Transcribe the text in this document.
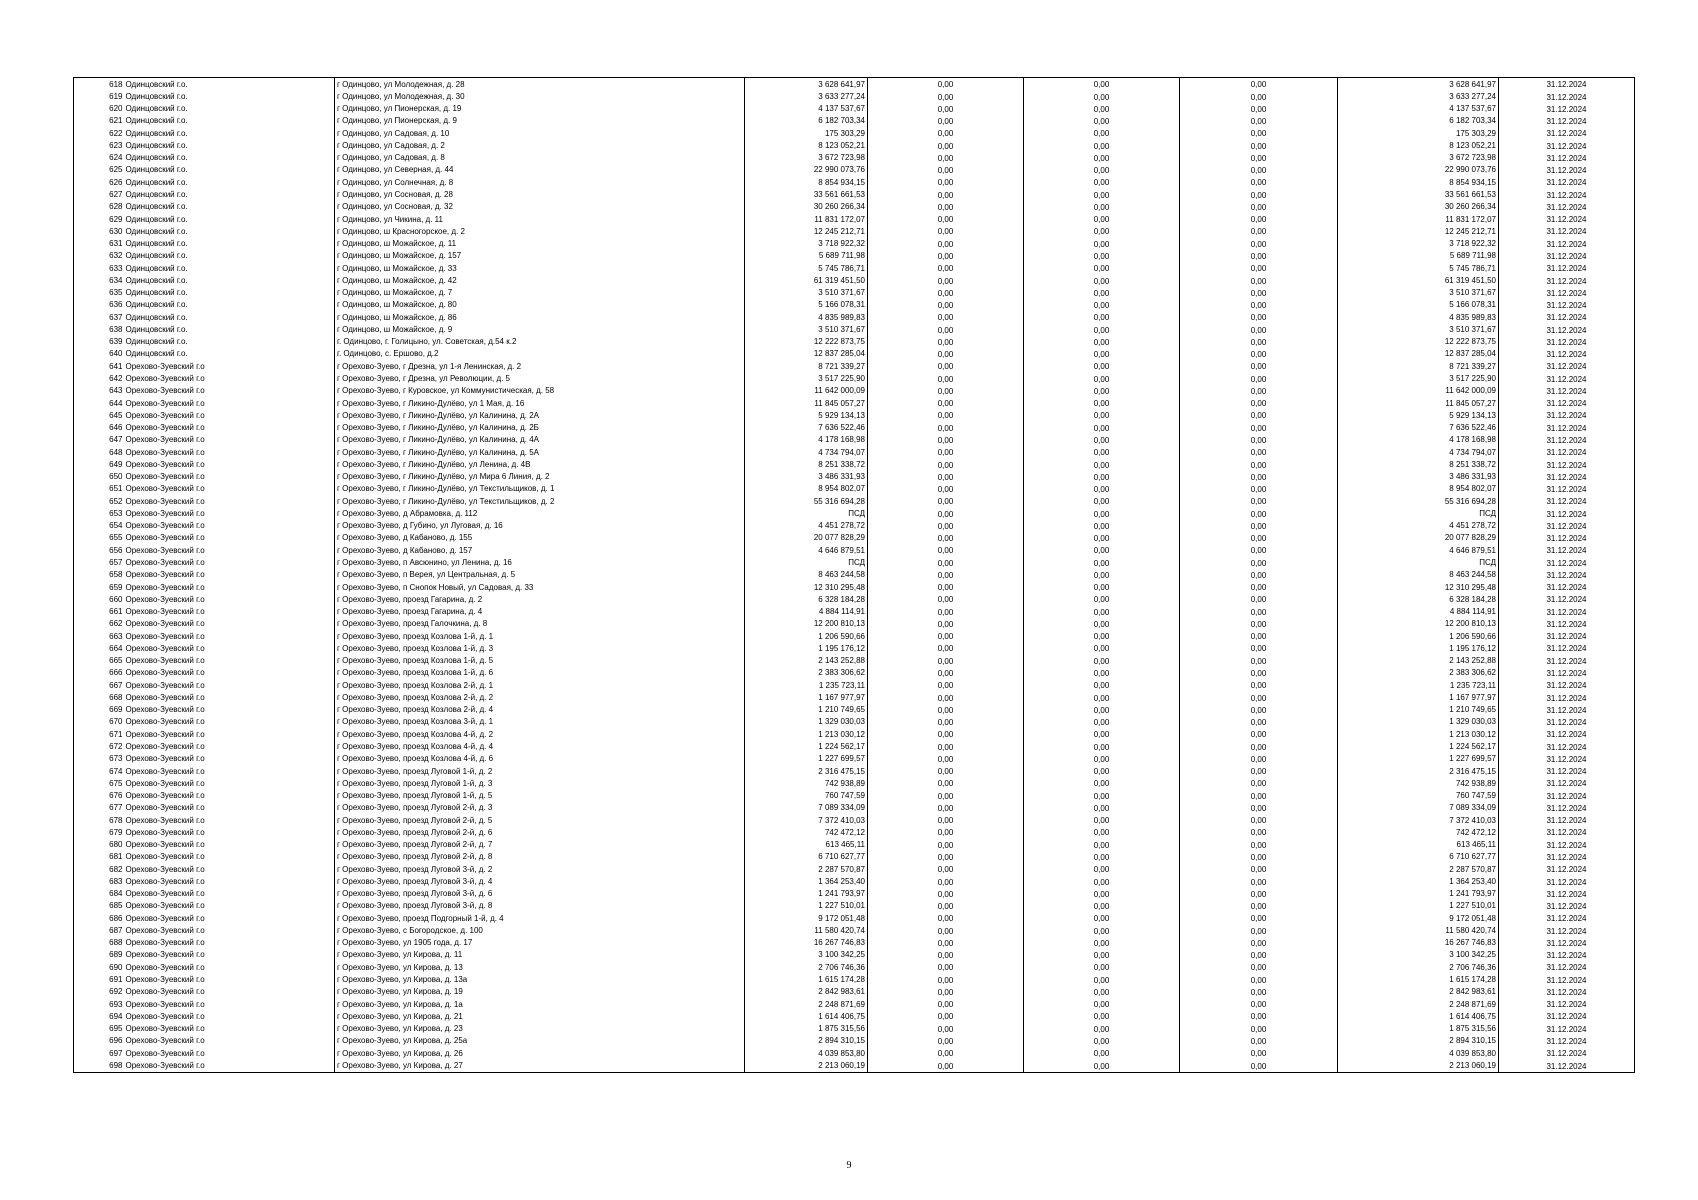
618	Одинцовский г.о.	г Одинцово, ул Молодежная, д. 28	3 628 641,97	0,00	0,00	0,00	3 628 641,97	31.12.2024
619	Одинцовский г.о.	г Одинцово, ул Молодежная, д. 30	3 633 277,24	0,00	0,00	0,00	3 633 277,24	31.12.2024
620	Одинцовский г.о.	г Одинцово, ул Пионерская, д. 19	4 137 537,67	0,00	0,00	0,00	4 137 537,67	31.12.2024
621	Одинцовский г.о.	г Одинцово, ул Пионерская, д. 9	6 182 703,34	0,00	0,00	0,00	6 182 703,34	31.12.2024
622	Одинцовский г.о.	г Одинцово, ул Садовая, д. 10	175 303,29	0,00	0,00	0,00	175 303,29	31.12.2024
623	Одинцовский г.о.	г Одинцово, ул Садовая, д. 2	8 123 052,21	0,00	0,00	0,00	8 123 052,21	31.12.2024
624	Одинцовский г.о.	г Одинцово, ул Садовая, д. 8	3 672 723,98	0,00	0,00	0,00	3 672 723,98	31.12.2024
625	Одинцовский г.о.	г Одинцово, ул Северная, д. 44	22 990 073,76	0,00	0,00	0,00	22 990 073,76	31.12.2024
626	Одинцовский г.о.	г Одинцово, ул Солнечная, д. 8	8 854 934,15	0,00	0,00	0,00	8 854 934,15	31.12.2024
627	Одинцовский г.о.	г Одинцово, ул Сосновая, д. 28	33 561 661,53	0,00	0,00	0,00	33 561 661,53	31.12.2024
628	Одинцовский г.о.	г Одинцово, ул Сосновая, д. 32	30 260 266,34	0,00	0,00	0,00	30 260 266,34	31.12.2024
629	Одинцовский г.о.	г Одинцово, ул Чикина, д. 11	11 831 172,07	0,00	0,00	0,00	11 831 172,07	31.12.2024
630	Одинцовский г.о.	г Одинцово, ш Красногорское, д. 2	12 245 212,71	0,00	0,00	0,00	12 245 212,71	31.12.2024
631	Одинцовский г.о.	г Одинцово, ш Можайское, д. 11	3 718 922,32	0,00	0,00	0,00	3 718 922,32	31.12.2024
632	Одинцовский г.о.	г Одинцово, ш Можайское, д. 157	5 689 711,98	0,00	0,00	0,00	5 689 711,98	31.12.2024
633	Одинцовский г.о.	г Одинцово, ш Можайское, д. 33	5 745 786,71	0,00	0,00	0,00	5 745 786,71	31.12.2024
634	Одинцовский г.о.	г Одинцово, ш Можайское, д. 42	61 319 451,50	0,00	0,00	0,00	61 319 451,50	31.12.2024
635	Одинцовский г.о.	г Одинцово, ш Можайское, д. 7	3 510 371,67	0,00	0,00	0,00	3 510 371,67	31.12.2024
636	Одинцовский г.о.	г Одинцово, ш Можайское, д. 80	5 166 078,31	0,00	0,00	0,00	5 166 078,31	31.12.2024
637	Одинцовский г.о.	г Одинцово, ш Можайское, д. 86	4 835 989,83	0,00	0,00	0,00	4 835 989,83	31.12.2024
638	Одинцовский г.о.	г Одинцово, ш Можайское, д. 9	3 510 371,67	0,00	0,00	0,00	3 510 371,67	31.12.2024
639	Одинцовский г.о.	г. Одинцово, г. Голицыно, ул. Советская, д.54 к.2	12 222 873,75	0,00	0,00	0,00	12 222 873,75	31.12.2024
640	Одинцовский г.о.	г. Одинцово, с. Ершово, д.2	12 837 285,04	0,00	0,00	0,00	12 837 285,04	31.12.2024
641	Орехово-Зуевский г.о	г Орехово-Зуево, г Дрезна, ул 1-я Ленинская, д. 2	8 721 339,27	0,00	0,00	0,00	8 721 339,27	31.12.2024
642	Орехово-Зуевский г.о	г Орехово-Зуево, г Дрезна, ул Революции, д. 5	3 517 225,90	0,00	0,00	0,00	3 517 225,90	31.12.2024
643	Орехово-Зуевский г.о	г Орехово-Зуево, г Куровское, ул Коммунистическая, д. 58	11 642 000,09	0,00	0,00	0,00	11 642 000,09	31.12.2024
644	Орехово-Зуевский г.о	г Орехово-Зуево, г Ликино-Дулёво, ул 1 Мая, д. 16	11 845 057,27	0,00	0,00	0,00	11 845 057,27	31.12.2024
645	Орехово-Зуевский г.о	г Орехово-Зуево, г Ликино-Дулёво, ул Калинина, д. 2А	5 929 134,13	0,00	0,00	0,00	5 929 134,13	31.12.2024
646	Орехово-Зуевский г.о	г Орехово-Зуево, г Ликино-Дулёво, ул Калинина, д. 2Б	7 636 522,46	0,00	0,00	0,00	7 636 522,46	31.12.2024
647	Орехово-Зуевский г.о	г Орехово-Зуево, г Ликино-Дулёво, ул Калинина, д. 4А	4 178 168,98	0,00	0,00	0,00	4 178 168,98	31.12.2024
648	Орехово-Зуевский г.о	г Орехово-Зуево, г Ликино-Дулёво, ул Калинина, д. 5А	4 734 794,07	0,00	0,00	0,00	4 734 794,07	31.12.2024
649	Орехово-Зуевский г.о	г Орехово-Зуево, г Ликино-Дулёво, ул Ленина, д. 4В	8 251 338,72	0,00	0,00	0,00	8 251 338,72	31.12.2024
650	Орехово-Зуевский г.о	г Орехово-Зуево, г Ликино-Дулёво, ул Мира 6 Линия, д. 2	3 486 331,93	0,00	0,00	0,00	3 486 331,93	31.12.2024
651	Орехово-Зуевский г.о	г Орехово-Зуево, г Ликино-Дулёво, ул Текстильщиков, д. 1	8 954 802,07	0,00	0,00	0,00	8 954 802,07	31.12.2024
652	Орехово-Зуевский г.о	г Орехово-Зуево, г Ликино-Дулёво, ул Текстильщиков, д. 2	55 316 694,28	0,00	0,00	0,00	55 316 694,28	31.12.2024
653	Орехово-Зуевский г.о	г Орехово-Зуево, д Абрамовка, д. 112	ПСД	0,00	0,00	0,00	ПСД	31.12.2024
654	Орехово-Зуевский г.о	г Орехово-Зуево, д Губино, ул Луговая, д. 16	4 451 278,72	0,00	0,00	0,00	4 451 278,72	31.12.2024
655	Орехово-Зуевский г.о	г Орехово-Зуево, д Кабаново, д. 155	20 077 828,29	0,00	0,00	0,00	20 077 828,29	31.12.2024
656	Орехово-Зуевский г.о	г Орехово-Зуево, д Кабаново, д. 157	4 646 879,51	0,00	0,00	0,00	4 646 879,51	31.12.2024
657	Орехово-Зуевский г.о	г Орехово-Зуево, п Авсюнино, ул Ленина, д. 16	ПСД	0,00	0,00	0,00	ПСД	31.12.2024
658	Орехово-Зуевский г.о	г Орехово-Зуево, п Верея, ул Центральная, д. 5	8 463 244,58	0,00	0,00	0,00	8 463 244,58	31.12.2024
659	Орехово-Зуевский г.о	г Орехово-Зуево, п Снопок Новый, ул Садовая, д. 33	12 310 295,48	0,00	0,00	0,00	12 310 295,48	31.12.2024
660	Орехово-Зуевский г.о	г Орехово-Зуево, проезд Гагарина, д. 2	6 328 184,28	0,00	0,00	0,00	6 328 184,28	31.12.2024
661	Орехово-Зуевский г.о	г Орехово-Зуево, проезд Гагарина, д. 4	4 884 114,91	0,00	0,00	0,00	4 884 114,91	31.12.2024
662	Орехово-Зуевский г.о	г Орехово-Зуево, проезд Галочкина, д. 8	12 200 810,13	0,00	0,00	0,00	12 200 810,13	31.12.2024
663	Орехово-Зуевский г.о	г Орехово-Зуево, проезд Козлова 1-й, д. 1	1 206 590,66	0,00	0,00	0,00	1 206 590,66	31.12.2024
664	Орехово-Зуевский г.о	г Орехово-Зуево, проезд Козлова 1-й, д. 3	1 195 176,12	0,00	0,00	0,00	1 195 176,12	31.12.2024
665	Орехово-Зуевский г.о	г Орехово-Зуево, проезд Козлова 1-й, д. 5	2 143 252,88	0,00	0,00	0,00	2 143 252,88	31.12.2024
666	Орехово-Зуевский г.о	г Орехово-Зуево, проезд Козлова 1-й, д. 6	2 383 306,62	0,00	0,00	0,00	2 383 306,62	31.12.2024
667	Орехово-Зуевский г.о	г Орехово-Зуево, проезд Козлова 2-й, д. 1	1 235 723,11	0,00	0,00	0,00	1 235 723,11	31.12.2024
668	Орехово-Зуевский г.о	г Орехово-Зуево, проезд Козлова 2-й, д. 2	1 167 977,97	0,00	0,00	0,00	1 167 977,97	31.12.2024
669	Орехово-Зуевский г.о	г Орехово-Зуево, проезд Козлова 2-й, д. 4	1 210 749,65	0,00	0,00	0,00	1 210 749,65	31.12.2024
670	Орехово-Зуевский г.о	г Орехово-Зуево, проезд Козлова 3-й, д. 1	1 329 030,03	0,00	0,00	0,00	1 329 030,03	31.12.2024
671	Орехово-Зуевский г.о	г Орехово-Зуево, проезд Козлова 4-й, д. 2	1 213 030,12	0,00	0,00	0,00	1 213 030,12	31.12.2024
672	Орехово-Зуевский г.о	г Орехово-Зуево, проезд Козлова 4-й, д. 4	1 224 562,17	0,00	0,00	0,00	1 224 562,17	31.12.2024
673	Орехово-Зуевский г.о	г Орехово-Зуево, проезд Козлова 4-й, д. 6	1 227 699,57	0,00	0,00	0,00	1 227 699,57	31.12.2024
674	Орехово-Зуевский г.о	г Орехово-Зуево, проезд Луговой 1-й, д. 2	2 316 475,15	0,00	0,00	0,00	2 316 475,15	31.12.2024
675	Орехово-Зуевский г.о	г Орехово-Зуево, проезд Луговой 1-й, д. 3	742 938,89	0,00	0,00	0,00	742 938,89	31.12.2024
676	Орехово-Зуевский г.о	г Орехово-Зуево, проезд Луговой 1-й, д. 5	760 747,59	0,00	0,00	0,00	760 747,59	31.12.2024
677	Орехово-Зуевский г.о	г Орехово-Зуево, проезд Луговой 2-й, д. 3	7 089 334,09	0,00	0,00	0,00	7 089 334,09	31.12.2024
678	Орехово-Зуевский г.о	г Орехово-Зуево, проезд Луговой 2-й, д. 5	7 372 410,03	0,00	0,00	0,00	7 372 410,03	31.12.2024
679	Орехово-Зуевский г.о	г Орехово-Зуево, проезд Луговой 2-й, д. 6	742 472,12	0,00	0,00	0,00	742 472,12	31.12.2024
680	Орехово-Зуевский г.о	г Орехово-Зуево, проезд Луговой 2-й, д. 7	613 465,11	0,00	0,00	0,00	613 465,11	31.12.2024
681	Орехово-Зуевский г.о	г Орехово-Зуево, проезд Луговой 2-й, д. 8	6 710 627,77	0,00	0,00	0,00	6 710 627,77	31.12.2024
682	Орехово-Зуевский г.о	г Орехово-Зуево, проезд Луговой 3-й, д. 2	2 287 570,87	0,00	0,00	0,00	2 287 570,87	31.12.2024
683	Орехово-Зуевский г.о	г Орехово-Зуево, проезд Луговой 3-й, д. 4	1 364 253,40	0,00	0,00	0,00	1 364 253,40	31.12.2024
684	Орехово-Зуевский г.о	г Орехово-Зуево, проезд Луговой 3-й, д. 6	1 241 793,97	0,00	0,00	0,00	1 241 793,97	31.12.2024
685	Орехово-Зуевский г.о	г Орехово-Зуево, проезд Луговой 3-й, д. 8	1 227 510,01	0,00	0,00	0,00	1 227 510,01	31.12.2024
686	Орехово-Зуевский г.о	г Орехово-Зуево, проезд Подгорный 1-й, д. 4	9 172 051,48	0,00	0,00	0,00	9 172 051,48	31.12.2024
687	Орехово-Зуевский г.о	г Орехово-Зуево, с Богородское, д. 100	11 580 420,74	0,00	0,00	0,00	11 580 420,74	31.12.2024
688	Орехово-Зуевский г.о	г Орехово-Зуево, ул 1905 года, д. 17	16 267 746,83	0,00	0,00	0,00	16 267 746,83	31.12.2024
689	Орехово-Зуевский г.о	г Орехово-Зуево, ул Кирова, д. 11	3 100 342,25	0,00	0,00	0,00	3 100 342,25	31.12.2024
690	Орехово-Зуевский г.о	г Орехово-Зуево, ул Кирова, д. 13	2 706 746,36	0,00	0,00	0,00	2 706 746,36	31.12.2024
691	Орехово-Зуевский г.о	г Орехово-Зуево, ул Кирова, д. 13а	1 615 174,28	0,00	0,00	0,00	1 615 174,28	31.12.2024
692	Орехово-Зуевский г.о	г Орехово-Зуево, ул Кирова, д. 19	2 842 983,61	0,00	0,00	0,00	2 842 983,61	31.12.2024
693	Орехово-Зуевский г.о	г Орехово-Зуево, ул Кирова, д. 1а	2 248 871,69	0,00	0,00	0,00	2 248 871,69	31.12.2024
694	Орехово-Зуевский г.о	г Орехово-Зуево, ул Кирова, д. 21	1 614 406,75	0,00	0,00	0,00	1 614 406,75	31.12.2024
695	Орехово-Зуевский г.о	г Орехово-Зуево, ул Кирова, д. 23	1 875 315,56	0,00	0,00	0,00	1 875 315,56	31.12.2024
696	Орехово-Зуевский г.о	г Орехово-Зуево, ул Кирова, д. 25а	2 894 310,15	0,00	0,00	0,00	2 894 310,15	31.12.2024
697	Орехово-Зуевский г.о	г Орехово-Зуево, ул Кирова, д. 26	4 039 853,80	0,00	0,00	0,00	4 039 853,80	31.12.2024
698	Орехово-Зуевский г.о	г Орехово-Зуево, ул Кирова, д. 27	2 213 060,19	0,00	0,00	0,00	2 213 060,19	31.12.2024
9
